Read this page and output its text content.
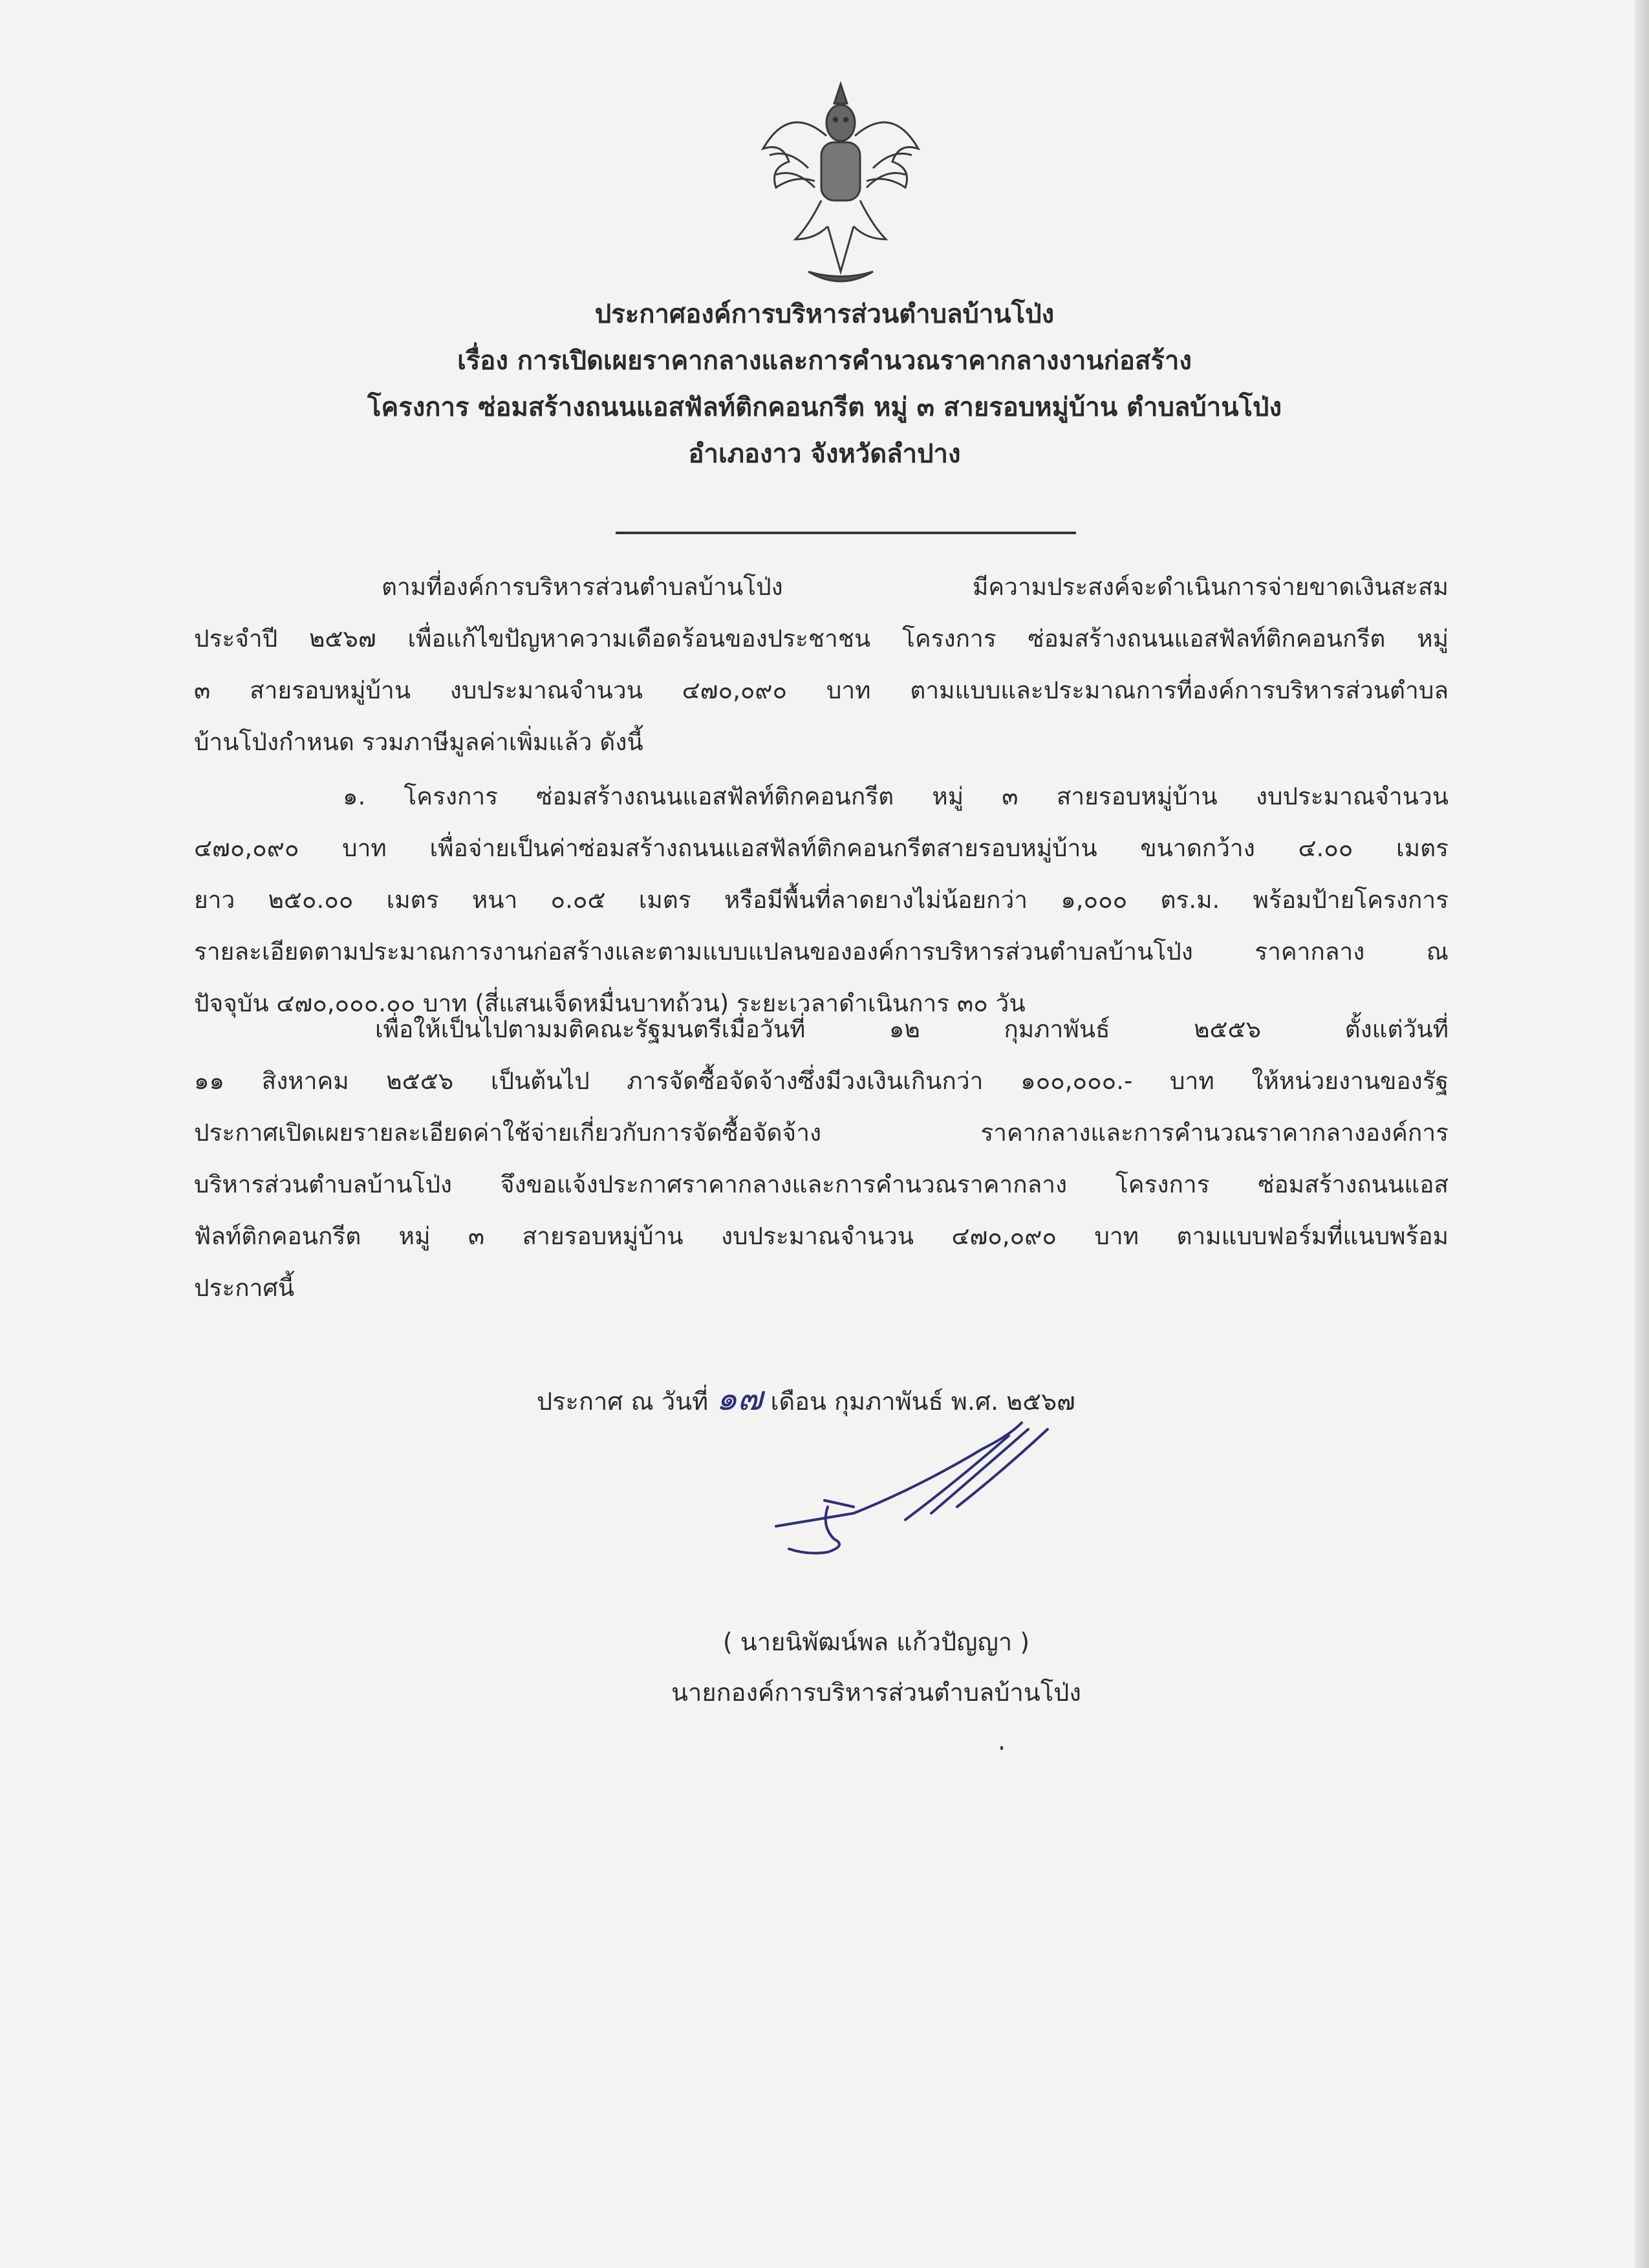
ประกาศองค์การบริหารส่วนตำบลบ้านโป่ง
เรื่อง การเปิดเผยราคากลางและการคำนวณราคากลางงานก่อสร้าง
โครงการ ซ่อมสร้างถนนแอสฟัลท์ติกคอนกรีต หมู่ ๓ สายรอบหมู่บ้าน ตำบลบ้านโป่ง
อำเภองาว จังหวัดลำปาง
ตามที่องค์การบริหารส่วนตำบลบ้านโป่ง มีความประสงค์จะดำเนินการจ่ายขาดเงินสะสม
ประจำปี ๒๕๖๗ เพื่อแก้ไขปัญหาความเดือดร้อนของประชาชน โครงการ ซ่อมสร้างถนนแอสฟัลท์ติกคอนกรีต หมู่
๓ สายรอบหมู่บ้าน งบประมาณจำนวน ๔๗๐,๐๙๐ บาท ตามแบบและประมาณการที่องค์การบริหารส่วนตำบล
บ้านโป่งกำหนด รวมภาษีมูลค่าเพิ่มแล้ว ดังนี้
๑. โครงการ ซ่อมสร้างถนนแอสฟัลท์ติกคอนกรีต หมู่ ๓ สายรอบหมู่บ้าน งบประมาณจำนวน
๔๗๐,๐๙๐ บาท เพื่อจ่ายเป็นค่าซ่อมสร้างถนนแอสฟัลท์ติกคอนกรีตสายรอบหมู่บ้าน ขนาดกว้าง ๔.๐๐ เมตร
ยาว ๒๕๐.๐๐ เมตร หนา ๐.๐๕ เมตร หรือมีพื้นที่ลาดยางไม่น้อยกว่า ๑,๐๐๐ ตร.ม. พร้อมป้ายโครงการ
รายละเอียดตามประมาณการงานก่อสร้างและตามแบบแปลนขององค์การบริหารส่วนตำบลบ้านโป่ง ราคากลาง ณ
ปัจจุบัน ๔๗๐,๐๐๐.๐๐ บาท (สี่แสนเจ็ดหมื่นบาทถ้วน) ระยะเวลาดำเนินการ ๓๐ วัน
เพื่อให้เป็นไปตามมติคณะรัฐมนตรีเมื่อวันที่ ๑๒ กุมภาพันธ์ ๒๕๕๖ ตั้งแต่วันที่
๑๑ สิงหาคม ๒๕๕๖ เป็นต้นไป ภารจัดซื้อจัดจ้างซึ่งมีวงเงินเกินกว่า ๑๐๐,๐๐๐.- บาท ให้หน่วยงานของรัฐ
ประกาศเปิดเผยรายละเอียดค่าใช้จ่ายเกี่ยวกับการจัดซื้อจัดจ้าง ราคากลางและการคำนวณราคากลางองค์การ
บริหารส่วนตำบลบ้านโป่ง จึงขอแจ้งประกาศราคากลางและการคำนวณราคากลาง โครงการ ซ่อมสร้างถนนแอส
ฟัลท์ติกคอนกรีต หมู่ ๓ สายรอบหมู่บ้าน งบประมาณจำนวน ๔๗๐,๐๙๐ บาท ตามแบบฟอร์มที่แนบพร้อม
ประกาศนี้
ประกาศ ณ วันที่ ๑๗ เดือน กุมภาพันธ์ พ.ศ. ๒๕๖๗
( นายนิพัฒน์พล แก้วปัญญา )
นายกองค์การบริหารส่วนตำบลบ้านโป่ง
